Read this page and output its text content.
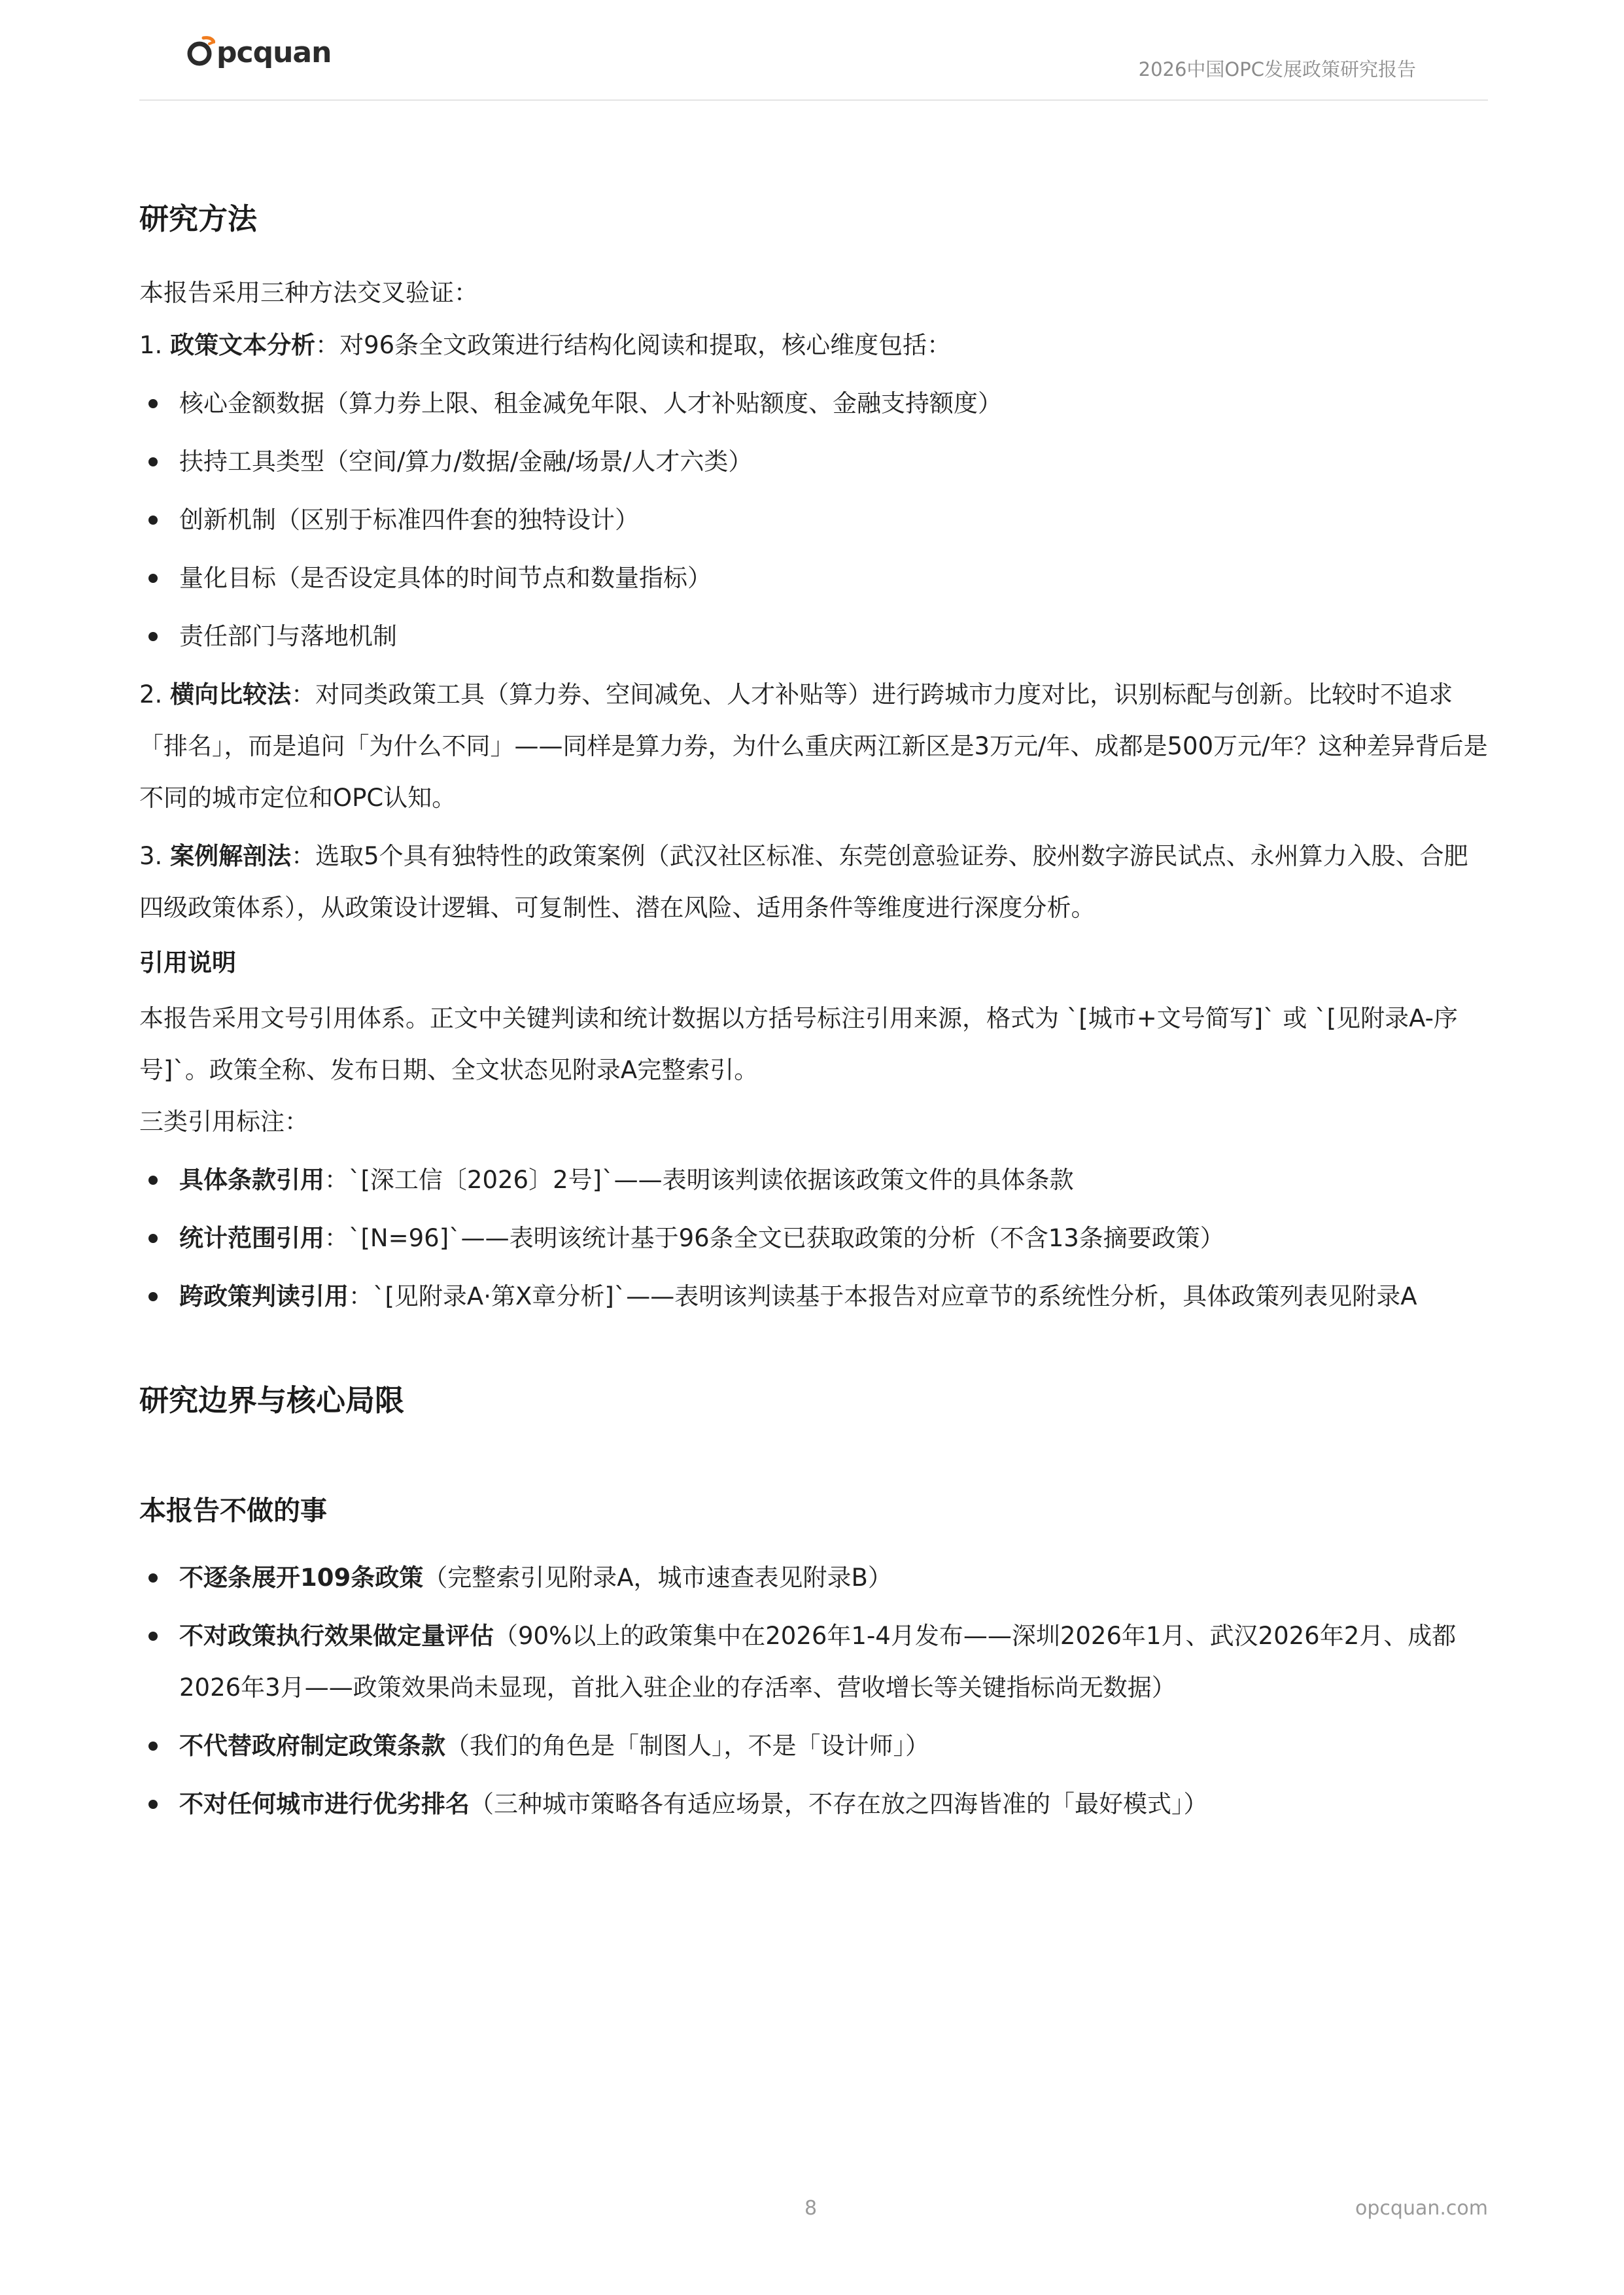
pcquan
2026中国OPC发展政策研究报告
研究方法

本报告采用三种方法交叉验证：

1. 政策文本分析：对96条全文政策进行结构化阅读和提取，核心维度包括：

核心金额数据（算力券上限、租金减免年限、人才补贴额度、金融支持额度）
扶持工具类型（空间/算力/数据/金融/场景/人才六类）
创新机制（区别于标准四件套的独特设计）
量化目标（是否设定具体的时间节点和数量指标）
责任部门与落地机制

2. 横向比较法：对同类政策工具（算力券、空间减免、人才补贴等）进行跨城市力度对比，识别标配与创新。比较时不追求「排名」，而是追问「为什么不同」——同样是算力券，为什么重庆两江新区是3万元/年、成都是500万元/年？这种差异背后是不同的城市定位和OPC认知。

3. 案例解剖法：选取5个具有独特性的政策案例（武汉社区标准、东莞创意验证券、胶州数字游民试点、永州算力入股、合肥四级政策体系），从政策设计逻辑、可复制性、潜在风险、适用条件等维度进行深度分析。

引用说明

本报告采用文号引用体系。正文中关键判读和统计数据以方括号标注引用来源，格式为 `[城市+文号简写]` 或 `[见附录A-序号]`。政策全称、发布日期、全文状态见附录A完整索引。

三类引用标注：

具体条款引用：`[深工信〔2026〕2号]`——表明该判读依据该政策文件的具体条款
统计范围引用：`[N=96]`——表明该统计基于96条全文已获取政策的分析（不含13条摘要政策）
跨政策判读引用：`[见附录A·第X章分析]`——表明该判读基于本报告对应章节的系统性分析，具体政策列表见附录A
研究边界与核心局限
本报告不做的事
不逐条展开109条政策（完整索引见附录A，城市速查表见附录B）
不对政策执行效果做定量评估（90%以上的政策集中在2026年1-4月发布——深圳2026年1月、武汉2026年2月、成都2026年3月——政策效果尚未显现，首批入驻企业的存活率、营收增长等关键指标尚无数据）
不代替政府制定政策条款（我们的角色是「制图人」，不是「设计师」）
不对任何城市进行优劣排名（三种城市策略各有适应场景，不存在放之四海皆准的「最好模式」）
8	opcquan.com
